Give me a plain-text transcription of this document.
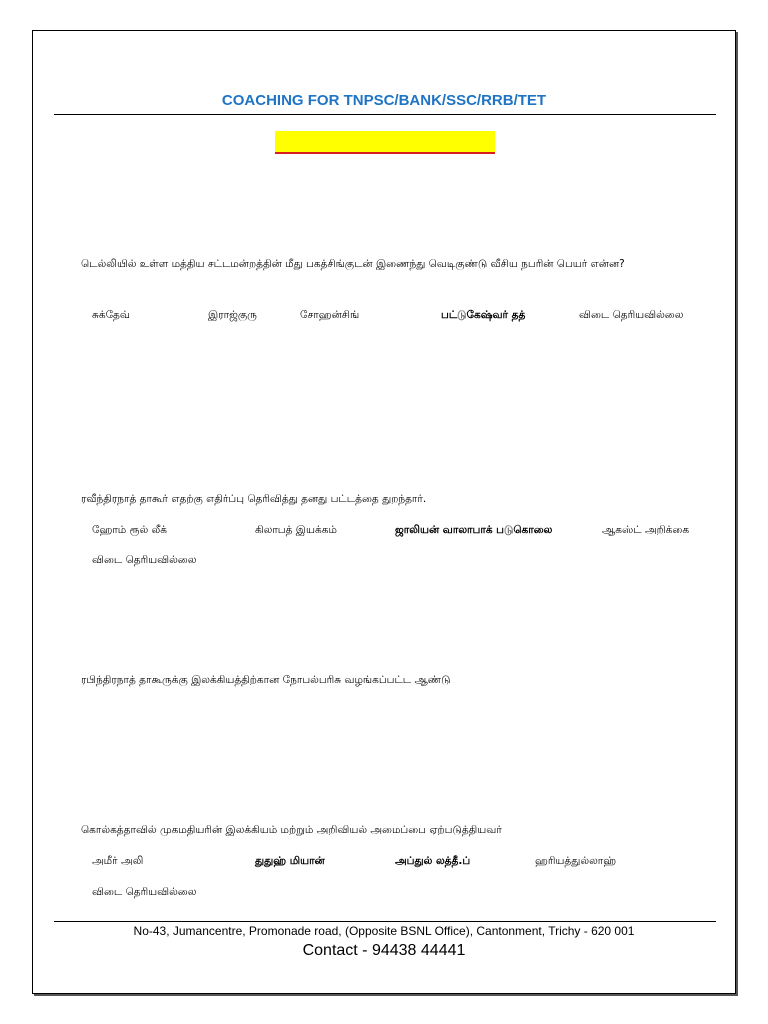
COACHING FOR TNPSC/BANK/SSC/RRB/TET
டெல்லியில் உள்ள மத்திய சட்டமன்றத்தின் மீது பகத்சிங்குடன் இணைந்து வெடிகுண்டு வீசிய நபரின் பெயர் என்ன?
சுக்தேவ்	இராஜ்குரு	சோஹன்சிங்	பட்டுகேஷ்வர் தத்	விடை தெரியவில்லை
ரவீந்திரநாத் தாகூர் எதற்கு எதிர்ப்பு தெரிவித்து தனது பட்டத்தை துறந்தார்.
ஹோம் ரூல் லீக்	கிலாபத் இயக்கம்	ஜாலியன் வாலாபாக் படுகொலை	ஆகஸ்ட் அறிக்கை
விடை தெரியவில்லை
ரபிந்திரநாத் தாகூருக்கு இலக்கியத்திற்கான நோபல்பரிசு வழங்கப்பட்ட ஆண்டு
கொல்கத்தாவில் முகமதியரின் இலக்கியம் மற்றும் அறிவியல் அமைப்பை ஏற்படுத்தியவர்
அமீர் அலி	துதுஹ் மியான்	அப்துல் லத்தீ.ப்	ஹரியத்துல்லாஹ்
விடை தெரியவில்லை
No-43, Jumancentre, Promonade road, (Opposite BSNL Office), Cantonment, Trichy - 620 001
Contact - 94438 44441
